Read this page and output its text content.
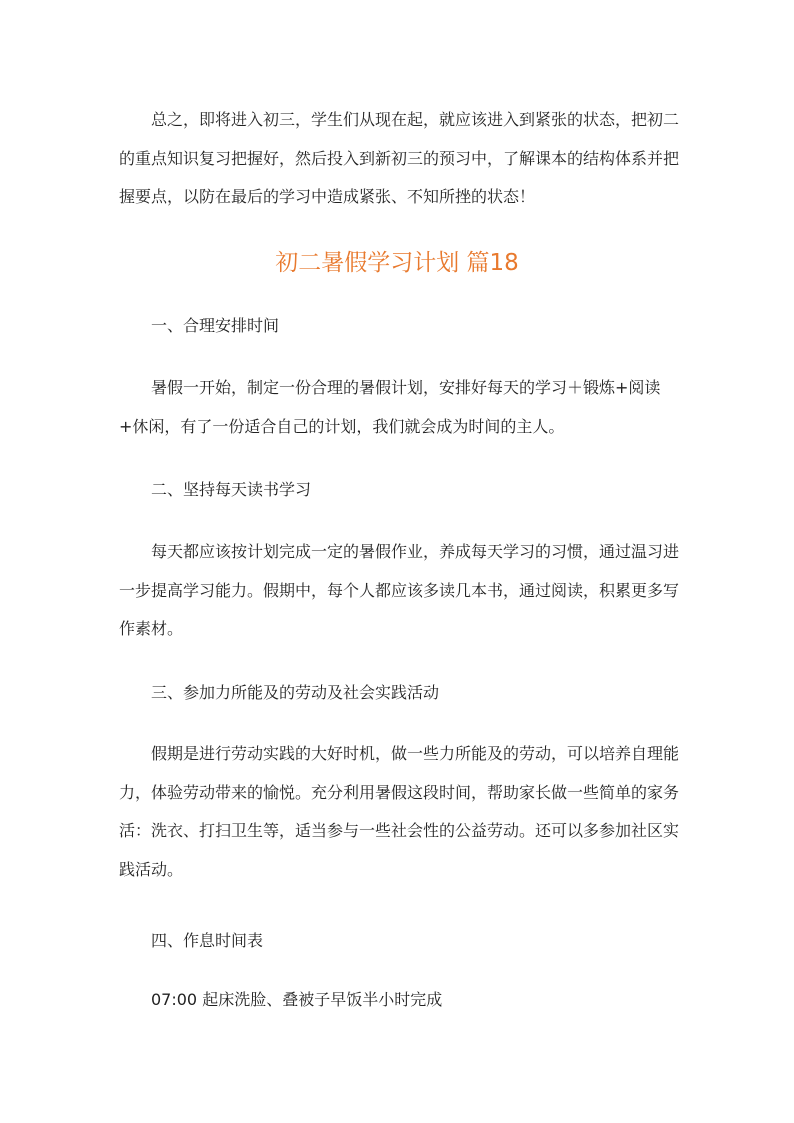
总之，即将进入初三，学生们从现在起，就应该进入到紧张的状态，把初二的重点知识复习把握好，然后投入到新初三的预习中，了解课本的结构体系并把握要点，以防在最后的学习中造成紧张、不知所挫的状态！

初二暑假学习计划 篇18

一、合理安排时间

暑假一开始，制定一份合理的暑假计划，安排好每天的学习＋锻炼+阅读+休闲，有了一份适合自己的计划，我们就会成为时间的主人。

二、坚持每天读书学习

每天都应该按计划完成一定的暑假作业，养成每天学习的习惯，通过温习进一步提高学习能力。假期中，每个人都应该多读几本书，通过阅读，积累更多写作素材。

三、参加力所能及的劳动及社会实践活动

假期是进行劳动实践的大好时机，做一些力所能及的劳动，可以培养自理能力，体验劳动带来的愉悦。充分利用暑假这段时间，帮助家长做一些简单的家务活：洗衣、打扫卫生等，适当参与一些社会性的公益劳动。还可以多参加社区实践活动。

四、作息时间表

07:00 起床洗脸、叠被子早饭半小时完成
